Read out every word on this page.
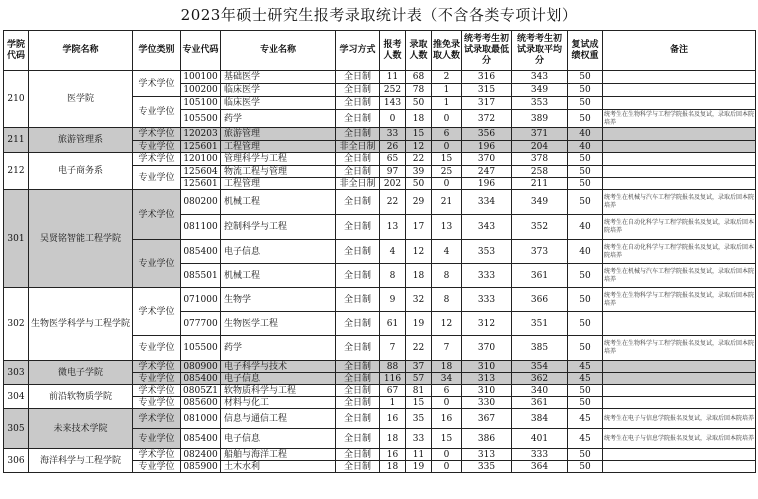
2023年硕士研究生报考录取统计表（不含各类专项计划）
学院代码	学院名称	学位类别	专业代码	专业名称	学习方式	报考人数	录取人数	推免录取人数	统考考生初试录取最低分	统考考生初试录取平均分	复试成绩权重	备注
210	医学院	学术学位	100100	基础医学	全日制	11	68	2	316	343	50	
			100200	临床医学	全日制	252	78	1	315	349	50	
		专业学位	105100	临床医学	全日制	143	50	1	317	353	50	
			105500	药学	全日制	0	18	0	372	389	50	统考生在生物科学与工程学院报名及复试，录取后回本院培养
211	旅游管理系	学术学位	120203	旅游管理	全日制	33	15	6	356	371	40	
		专业学位	125601	工程管理	非全日制	26	12	0	196	204	40	
212	电子商务系	学术学位	120100	管理科学与工程	全日制	65	22	15	370	378	50	
		专业学位	125604	物流工程与管理	全日制	97	39	25	247	258	50	
			125601	工程管理	非全日制	202	50	0	196	211	50	
301	吴贤铭智能工程学院	学术学位	080200	机械工程	全日制	22	29	21	334	349	50	统考生在机械与汽车工程学院报名及复试，录取后回本院培养
			081100	控制科学与工程	全日制	13	17	13	343	352	40	统考生在自动化科学与工程学院报名及复试，录取后回本院培养
		专业学位	085400	电子信息	全日制	4	12	4	353	373	40	统考生在自动化科学与工程学院报名及复试，录取后回本院培养
			085501	机械工程	全日制	8	18	8	333	361	50	统考生在机械与汽车工程学院报名及复试，录取后回本院培养
302	生物医学科学与工程学院	学术学位	071000	生物学	全日制	9	32	8	333	366	50	统考生在生物科学与工程学院报名及复试，录取后回本院培养
			077700	生物医学工程	全日制	61	19	12	312	351	50	
		专业学位	105500	药学	全日制	7	22	7	370	385	50	统考生在生物科学与工程学院报名及复试，录取后回本院培养
303	微电子学院	学术学位	080900	电子科学与技术	全日制	88	37	18	310	354	45	
		专业学位	085400	电子信息	全日制	116	57	34	313	362	45	
304	前沿软物质学院	学术学位	0805Z1	软物质科学与工程	全日制	67	81	6	310	340	50	
		专业学位	085600	材料与化工	全日制	1	15	0	330	361	50	
305	未来技术学院	学术学位	081000	信息与通信工程	全日制	16	35	16	367	384	45	统考生在电子与信息学院报名及复试，录取后回本院培养
		专业学位	085400	电子信息	全日制	18	33	15	386	401	45	统考生在电子与信息学院报名及复试，录取后回本院培养
306	海洋科学与工程学院	学术学位	082400	船舶与海洋工程	全日制	16	11	0	313	333	50	
		专业学位	085900	土木水利	全日制	18	19	0	335	364	50	
